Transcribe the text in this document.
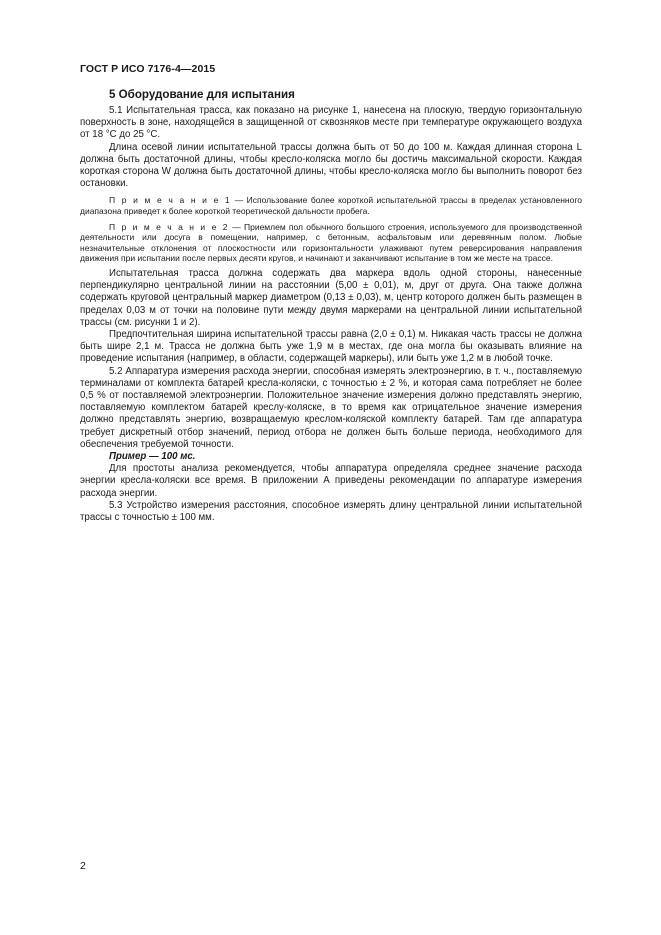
ГОСТ Р ИСО 7176-4—2015
5 Оборудование для испытания

5.1 Испытательная трасса, как показано на рисунке 1, нанесена на плоскую, твердую горизонтальную поверхность в зоне, находящейся в защищенной от сквозняков месте при температуре окружающего воздуха от 18 °С до 25 °С.

Длина осевой линии испытательной трассы должна быть от 50 до 100 м. Каждая длинная сторона L должна быть достаточной длины, чтобы кресло-коляска могло бы достичь максимальной скорости. Каждая короткая сторона W должна быть достаточной длины, чтобы кресло-коляска могло бы выполнить поворот без остановки.

П р и м е ч а н и е 1 — Использование более короткой испытательной трассы в пределах установленного диапазона приведет к более короткой теоретической дальности пробега.

П р и м е ч а н и е 2 — Приемлем пол обычного большого строения, используемого для производственной деятельности или досуга в помещении, например, с бетонным, асфальтовым или деревянным полом. Любые незначительные отклонения от плоскостности или горизонтальности улаживают путем реверсирования направления движения при испытании после первых десяти кругов, и начинают и заканчивают испытание в том же месте на трассе.

Испытательная трасса должна содержать два маркера вдоль одной стороны, нанесенные перпендикулярно центральной линии на расстоянии (5,00 ± 0,01), м, друг от друга. Она также должна содержать круговой центральный маркер диаметром (0,13 ± 0,03), м, центр которого должен быть размещен в пределах 0,03 м от точки на половине пути между двумя маркерами на центральной линии испытательной трассы (см. рисунки 1 и 2).

Предпочтительная ширина испытательной трассы равна (2,0 ± 0,1) м. Никакая часть трассы не должна быть шире 2,1 м. Трасса не должна быть уже 1,9 м в местах, где она могла бы оказывать влияние на проведение испытания (например, в области, содержащей маркеры), или быть уже 1,2 м в любой точке.

5.2 Аппаратура измерения расхода энергии, способная измерять электроэнергию, в т. ч., поставляемую терминалами от комплекта батарей кресла-коляски, с точностью ± 2 %, и которая сама потребляет не более 0,5 % от поставляемой электроэнергии. Положительное значение измерения должно представлять энергию, поставляемую комплектом батарей креслу-коляске, в то время как отрицательное значение измерения должно представлять энергию, возвращаемую креслом-коляской комплекту батарей. Там где аппаратура требует дискретный отбор значений, период отбора не должен быть больше периода, необходимого для обеспечения требуемой точности.

Пример — 100 мс.

Для простоты анализа рекомендуется, чтобы аппаратура определяла среднее значение расхода энергии кресла-коляски все время. В приложении А приведены рекомендации по аппаратуре измерения расхода энергии.

5.3 Устройство измерения расстояния, способное измерять длину центральной линии испытательной трассы с точностью ± 100 мм.

2
